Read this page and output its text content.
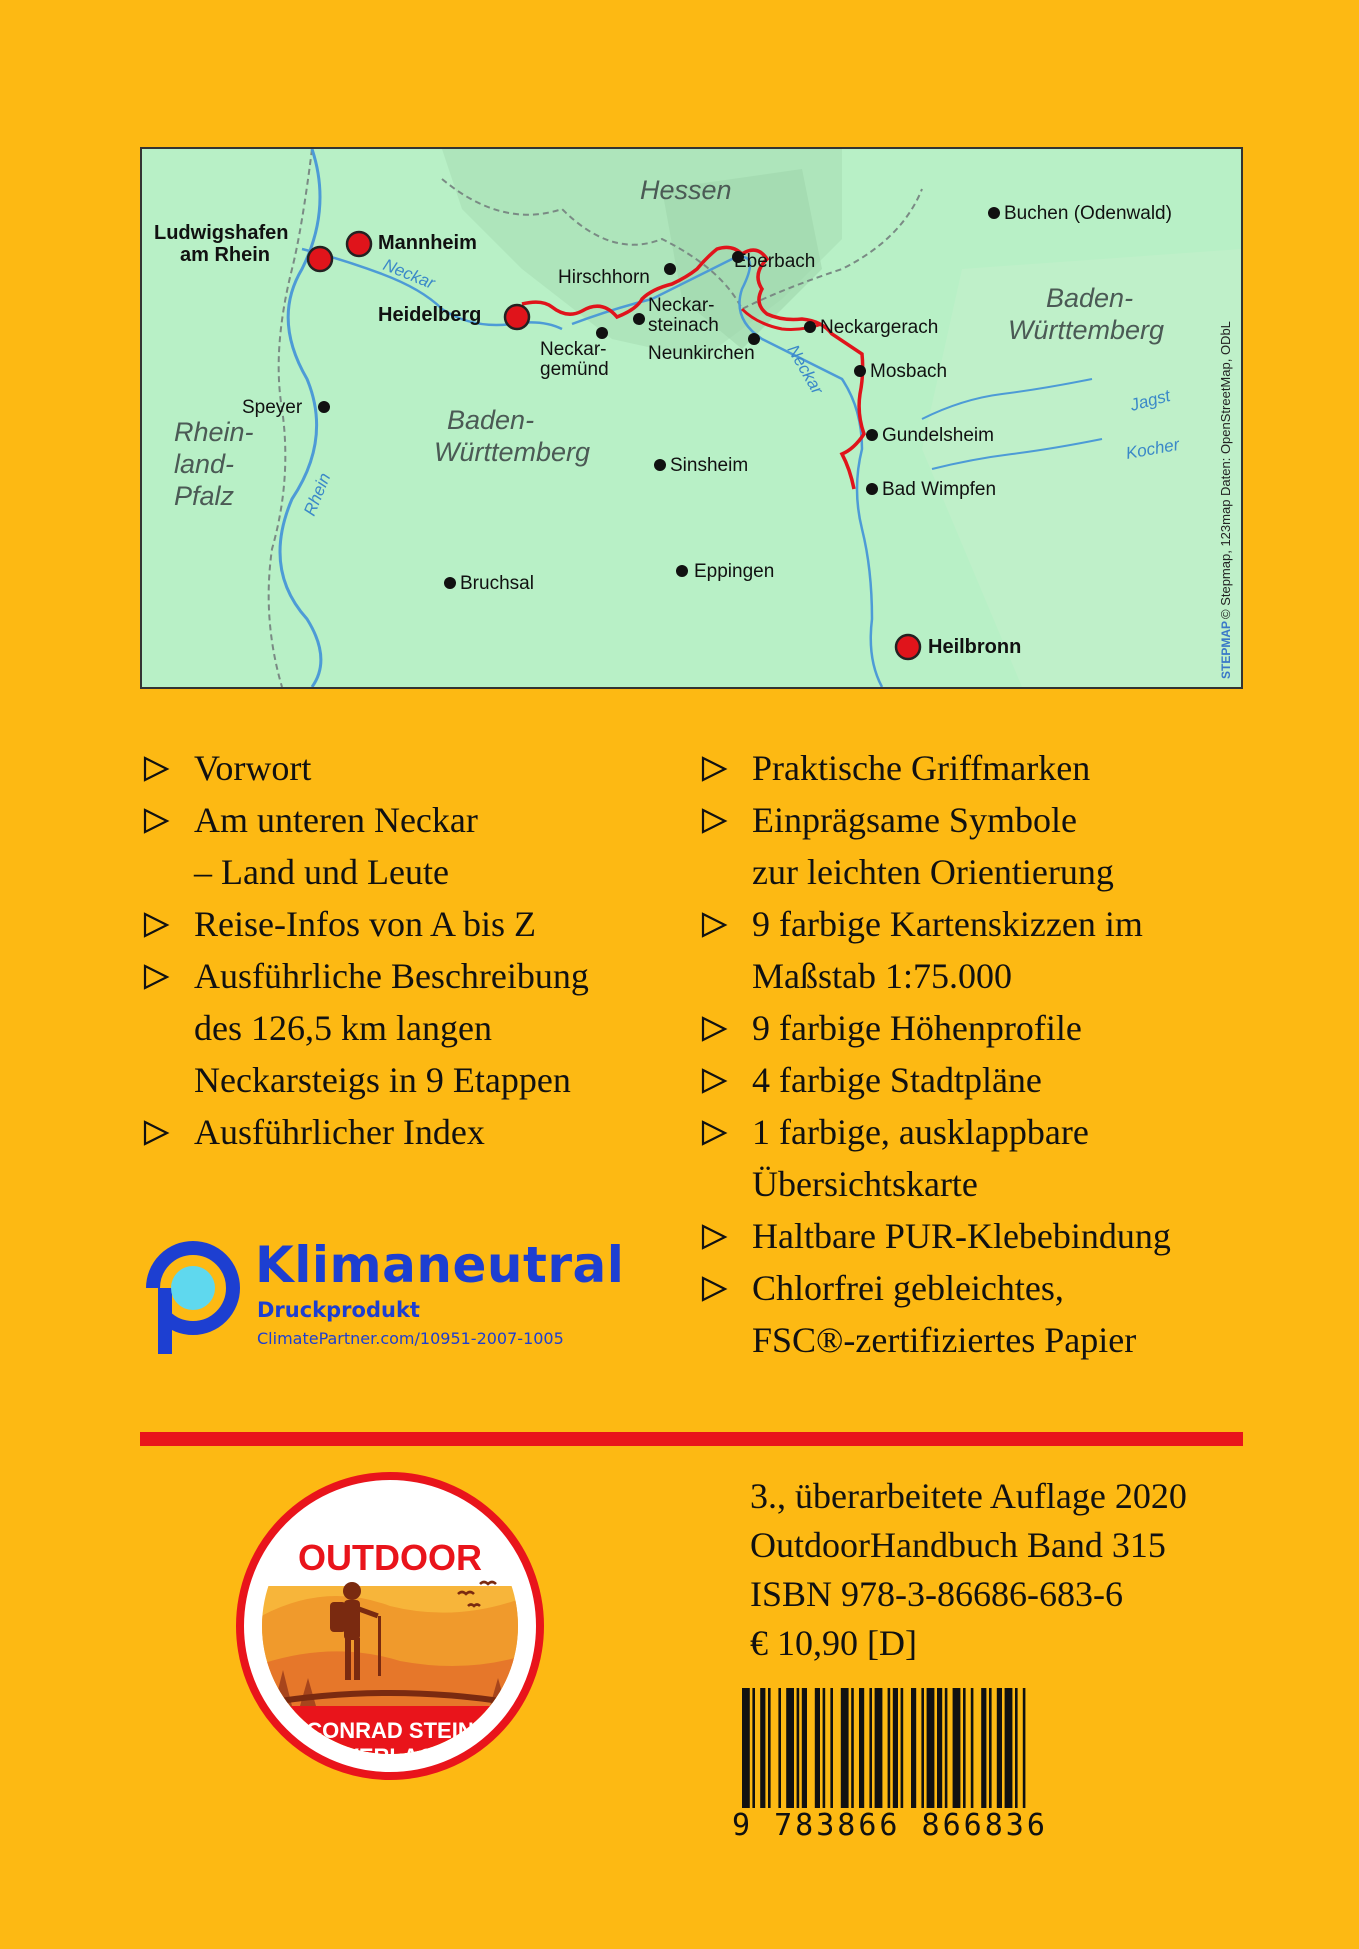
Hessen
Baden-
Württemberg
Baden-
Württemberg
Rhein-
land-
Pfalz
Neckar
Neckar
Rhein
Jagst
Kocher
Ludwigshafen
am Rhein
Mannheim
Heidelberg
Heilbronn
Buchen (Odenwald)
Hirschhorn
Eberbach
Neckar-
steinach
Neckar-
gemünd
Neunkirchen
Neckargerach
Mosbach
Speyer
Gundelsheim
Sinsheim
Bad Wimpfen
Eppingen
Bruchsal	© Stepmap, 123map Daten: OpenStreetMap, ODbL
STEPMAP
Vorwort
Am unteren Neckar
– Land und Leute
Reise-Infos von A bis Z
Ausführliche Beschreibung
des 126,5 km langen
Neckarsteigs in 9 Etappen
Ausführlicher Index
Praktische Griffmarken
Einprägsame Symbole
zur leichten Orientierung
9 farbige Kartenskizzen im
Maßstab 1:75.000
9 farbige Höhenprofile
4 farbige Stadtpläne
1 farbige, ausklappbare
Übersichtskarte
Haltbare PUR-Klebebindung
Chlorfrei gebleichtes,
FSC®-zertifiziertes Papier
Klimaneutral
Druckprodukt
ClimatePartner.com/10951-2007-1005
OUTDOOR
CONRAD STEIN
VERLAG
3., überarbeitete Auflage 2020
OutdoorHandbuch Band 315
ISBN 978-3-86686-683-6
€ 10,90 [D]
9 783866 866836
